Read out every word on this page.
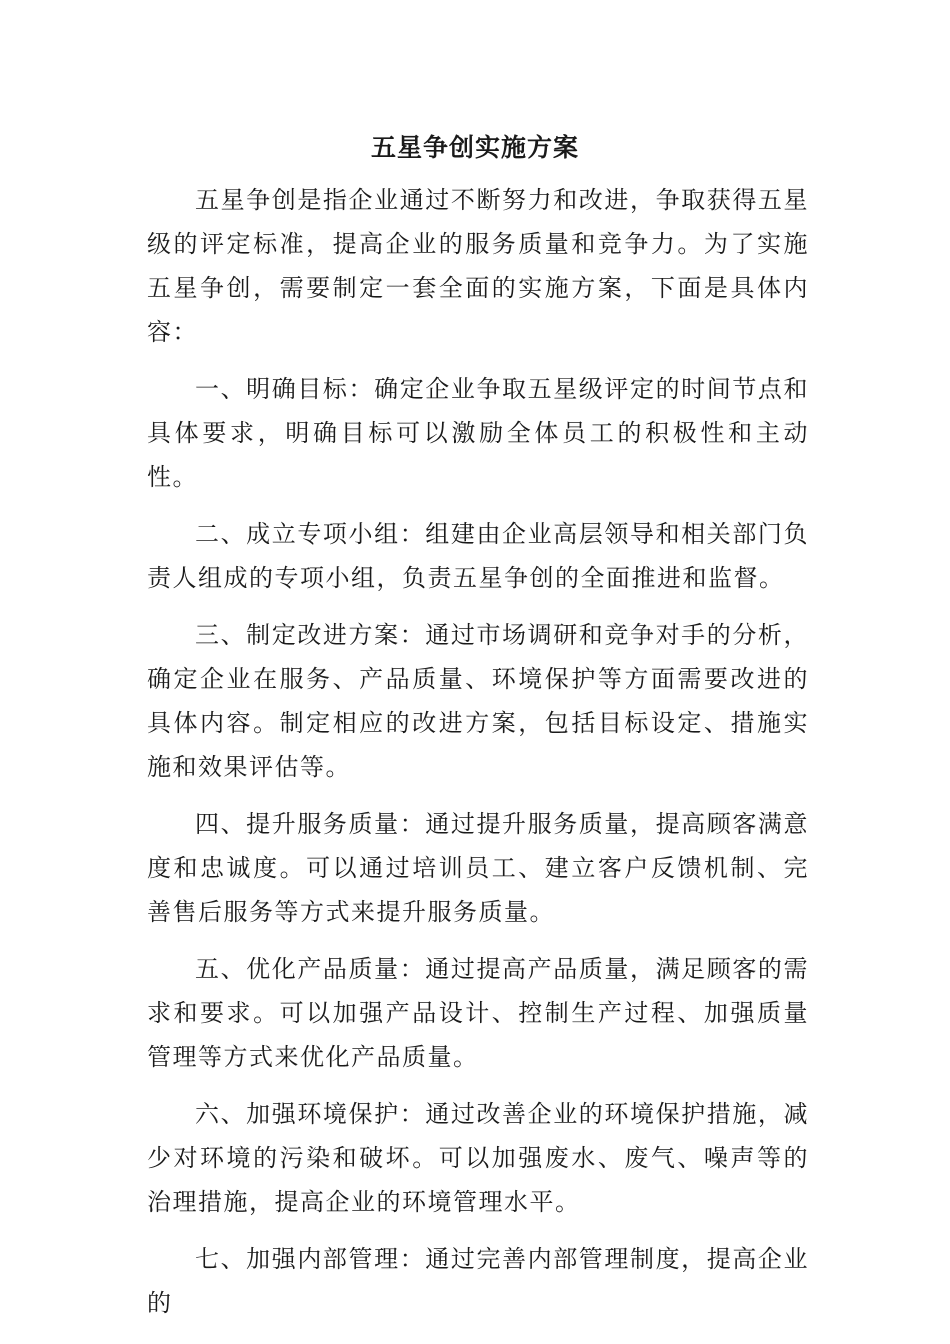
五星争创实施方案

五星争创是指企业通过不断努力和改进，争取获得五星级的评定标准，提高企业的服务质量和竞争力。为了实施五星争创，需要制定一套全面的实施方案，下面是具体内容：

一、明确目标：确定企业争取五星级评定的时间节点和具体要求，明确目标可以激励全体员工的积极性和主动性。

二、成立专项小组：组建由企业高层领导和相关部门负责人组成的专项小组，负责五星争创的全面推进和监督。

三、制定改进方案：通过市场调研和竞争对手的分析，确定企业在服务、产品质量、环境保护等方面需要改进的具体内容。制定相应的改进方案，包括目标设定、措施实施和效果评估等。

四、提升服务质量：通过提升服务质量，提高顾客满意度和忠诚度。可以通过培训员工、建立客户反馈机制、完善售后服务等方式来提升服务质量。

五、优化产品质量：通过提高产品质量，满足顾客的需求和要求。可以加强产品设计、控制生产过程、加强质量管理等方式来优化产品质量。

六、加强环境保护：通过改善企业的环境保护措施，减少对环境的污染和破坏。可以加强废水、废气、噪声等的治理措施，提高企业的环境管理水平。

七、加强内部管理：通过完善内部管理制度，提高企业的
